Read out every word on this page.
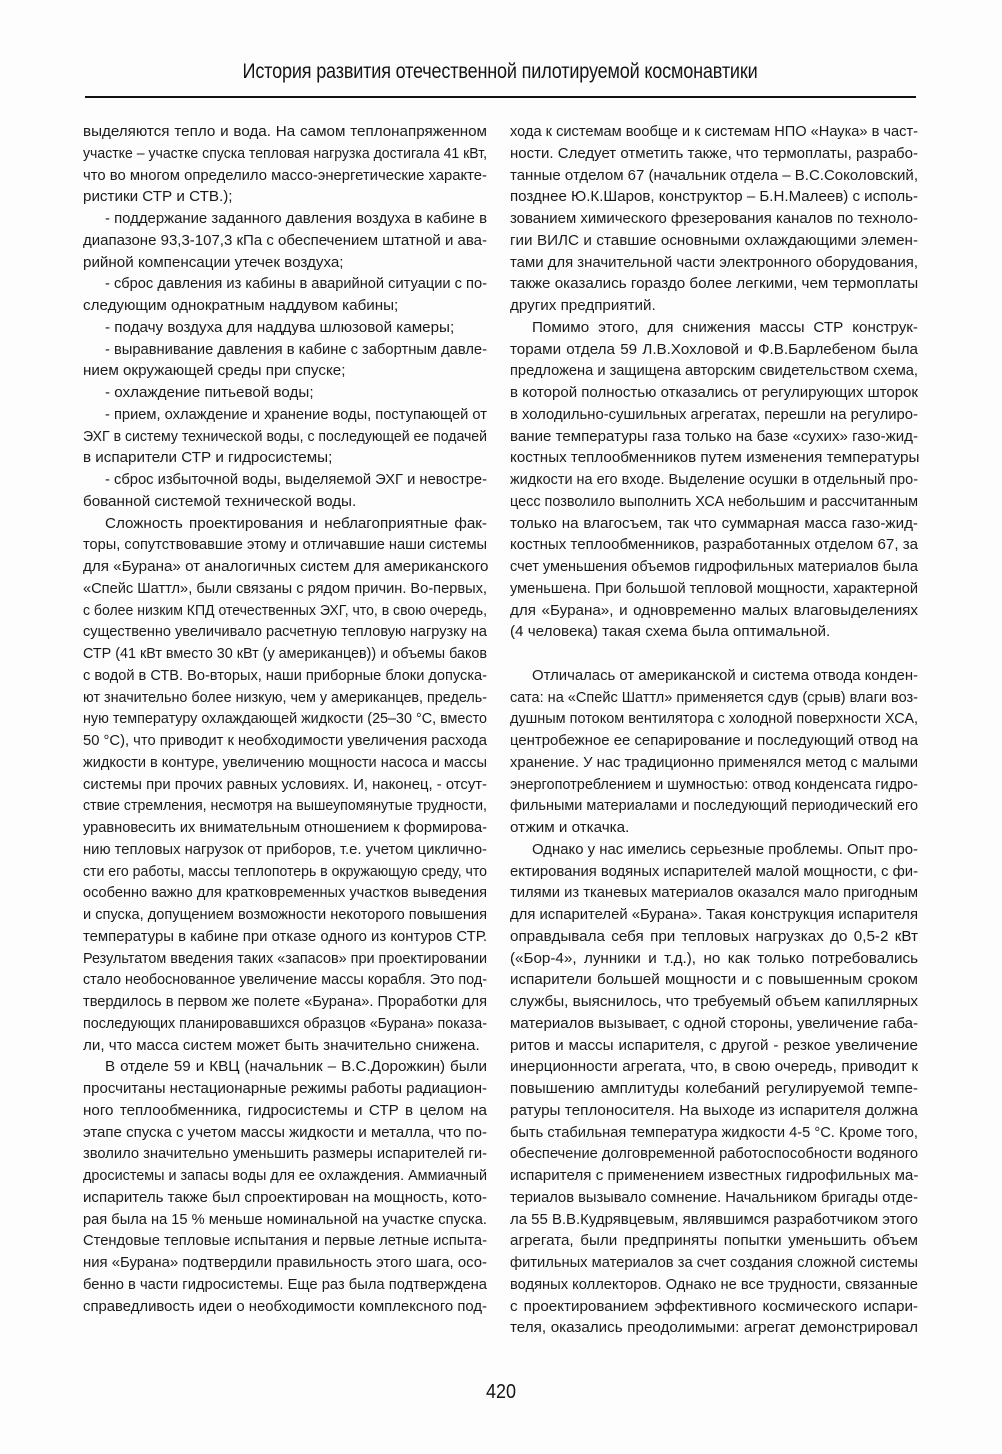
История развития отечественной пилотируемой космонавтики
выделяются тепло и вода. На самом теплонапряженном
участке – участке спуска тепловая нагрузка достигала 41 кВт,
что во многом определило массо-энергетические характе-
ристики СТР и СТВ.);
- поддержание заданного давления воздуха в кабине в
диапазоне 93,3-107,3 кПа с обеспечением штатной и ава-
рийной компенсации утечек воздуха;
- сброс давления из кабины в аварийной ситуации с по-
следующим однократным наддувом кабины;
- подачу воздуха для наддува шлюзовой камеры;
- выравнивание давления в кабине с забортным давле-
нием окружающей среды при спуске;
- охлаждение питьевой воды;
- прием, охлаждение и хранение воды, поступающей от
ЭХГ в систему технической воды, с последующей ее подачей
в испарители СТР и гидросистемы;
- сброс избыточной воды, выделяемой ЭХГ и невостре-
бованной системой технической воды.
Сложность проектирования и неблагоприятные фак-
торы, сопутствовавшие этому и отличавшие наши системы
для «Бурана» от аналогичных систем для американского
«Спейс Шаттл», были связаны с рядом причин. Во-первых,
с более низким КПД отечественных ЭХГ, что, в свою очередь,
существенно увеличивало расчетную тепловую нагрузку на
СТР (41 кВт вместо 30 кВт (у американцев)) и объемы баков
с водой в СТВ. Во-вторых, наши приборные блоки допуска-
ют значительно более низкую, чем у американцев, предель-
ную температуру охлаждающей жидкости (25–30 °С, вместо
50 °С), что приводит к необходимости увеличения расхода
жидкости в контуре, увеличению мощности насоса и массы
системы при прочих равных условиях. И, наконец, - отсут-
ствие стремления, несмотря на вышеупомянутые трудности,
уравновесить их внимательным отношением к формирова-
нию тепловых нагрузок от приборов, т.е. учетом циклично-
сти его работы, массы теплопотерь в окружающую среду, что
особенно важно для кратковременных участков выведения
и спуска, допущением возможности некоторого повышения
температуры в кабине при отказе одного из контуров СТР.
Результатом введения таких «запасов» при проектировании
стало необоснованное увеличение массы корабля. Это под-
твердилось в первом же полете «Бурана». Проработки для
последующих планировавшихся образцов «Бурана» показа-
ли, что масса систем может быть значительно снижена.
В отделе 59 и КВЦ (начальник – В.С.Дорожкин) были
просчитаны нестационарные режимы работы радиацион-
ного теплообменника, гидросистемы и СТР в целом на
этапе спуска с учетом массы жидкости и металла, что по-
зволило значительно уменьшить размеры испарителей ги-
дросистемы и запасы воды для ее охлаждения. Аммиачный
испаритель также был спроектирован на мощность, кото-
рая была на 15 % меньше номинальной на участке спуска.
Стендовые тепловые испытания и первые летные испыта-
ния «Бурана» подтвердили правильность этого шага, осо-
бенно в части гидросистемы. Еще раз была подтверждена
справедливость идеи о необходимости комплексного под-
хода к системам вообще и к системам НПО «Наука» в част-
ности. Следует отметить также, что термоплаты, разрабо-
танные отделом 67 (начальник отдела – В.С.Соколовский,
позднее Ю.К.Шаров, конструктор – Б.Н.Малеев) с исполь-
зованием химического фрезерования каналов по техноло-
гии ВИЛС и ставшие основными охлаждающими элемен-
тами для значительной части электронного оборудования,
также оказались гораздо более легкими, чем термоплаты
других предприятий.
Помимо этого, для снижения массы СТР конструк-
торами отдела 59 Л.В.Хохловой и Ф.В.Барлебеном была
предложена и защищена авторским свидетельством схема,
в которой полностью отказались от регулирующих шторок
в холодильно-сушильных агрегатах, перешли на регулиро-
вание температуры газа только на базе «сухих» газо-жид-
костных теплообменников путем изменения температуры
жидкости на его входе. Выделение осушки в отдельный про-
цесс позволило выполнить ХСА небольшим и рассчитанным
только на влагосъем, так что суммарная масса газо-жид-
костных теплообменников, разработанных отделом 67, за
счет уменьшения объемов гидрофильных материалов была
уменьшена. При большой тепловой мощности, характерной
для «Бурана», и одновременно малых влаговыделениях
(4 человека) такая схема была оптимальной.
Отличалась от американской и система отвода конден-
сата: на «Спейс Шаттл» применяется сдув (срыв) влаги воз-
душным потоком вентилятора с холодной поверхности ХСА,
центробежное ее сепарирование и последующий отвод на
хранение. У нас традиционно применялся метод с малыми
энергопотреблением и шумностью: отвод конденсата гидро-
фильными материалами и последующий периодический его
отжим и откачка.
Однако у нас имелись серьезные проблемы. Опыт про-
ектирования водяных испарителей малой мощности, с фи-
тилями из тканевых материалов оказался мало пригодным
для испарителей «Бурана». Такая конструкция испарителя
оправдывала себя при тепловых нагрузках до 0,5-2 кВт
(«Бор-4», лунники и т.д.), но как только потребовались
испарители большей мощности и с повышенным сроком
службы, выяснилось, что требуемый объем капиллярных
материалов вызывает, с одной стороны, увеличение габа-
ритов и массы испарителя, с другой - резкое увеличение
инерционности агрегата, что, в свою очередь, приводит к
повышению амплитуды колебаний регулируемой темпе-
ратуры теплоносителя. На выходе из испарителя должна
быть стабильная температура жидкости 4-5 °С. Кроме того,
обеспечение долговременной работоспособности водяного
испарителя с применением известных гидрофильных ма-
териалов вызывало сомнение. Начальником бригады отде-
ла 55 В.В.Кудрявцевым, являвшимся разработчиком этого
агрегата, были предприняты попытки уменьшить объем
фитильных материалов за счет создания сложной системы
водяных коллекторов. Однако не все трудности, связанные
с проектированием эффективного космического испари-
теля, оказались преодолимыми: агрегат демонстрировал
420
